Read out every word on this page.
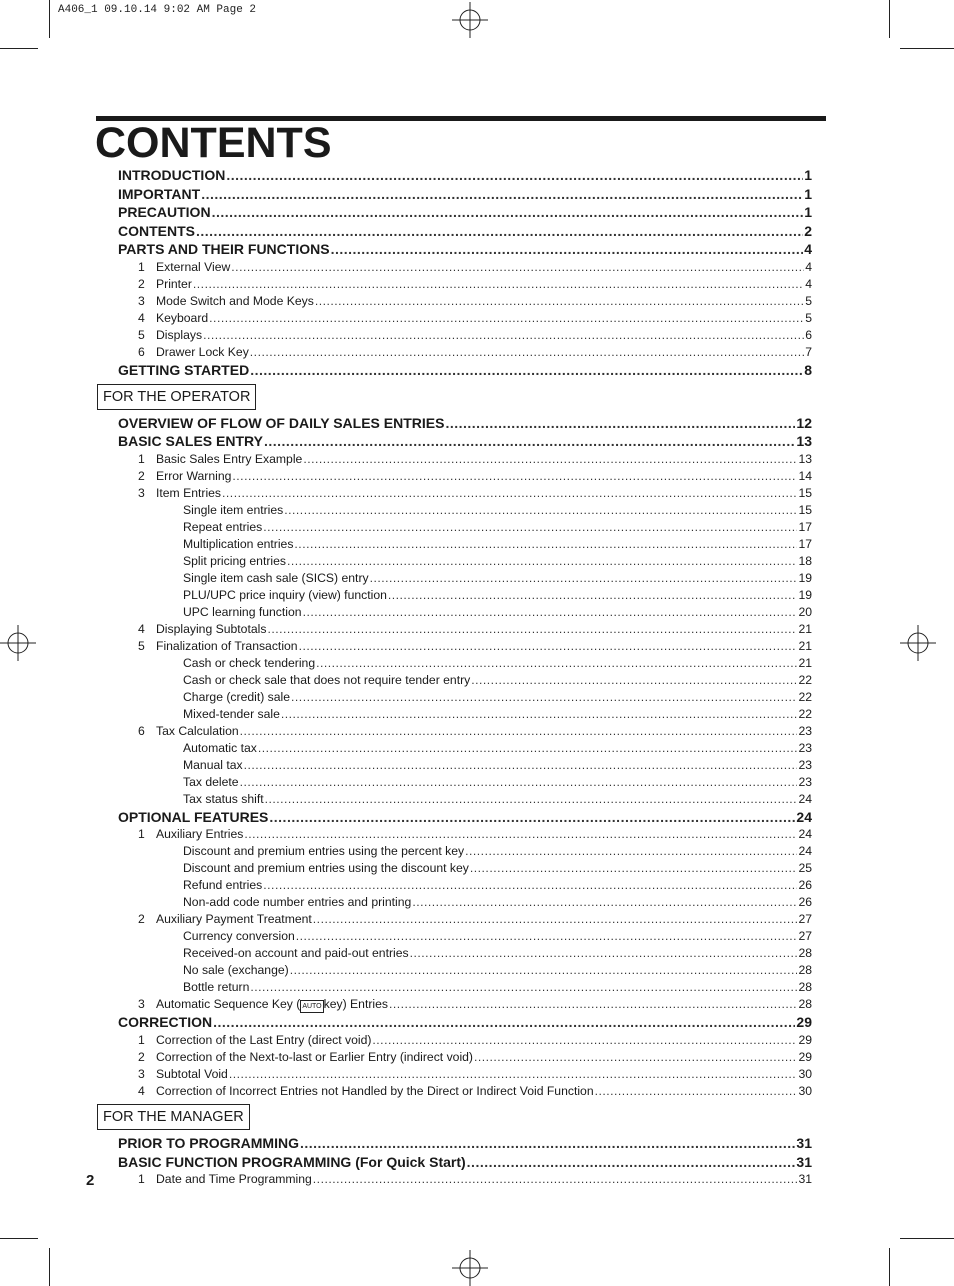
A406_1 09.10.14 9:02 AM Page 2
CONTENTS
INTRODUCTION .....	1
IMPORTANT .....	1
PRECAUTION .....	1
CONTENTS .....	2
PARTS AND THEIR FUNCTIONS .....	4
1 External View .....	4
2 Printer .....	4
3 Mode Switch and Mode Keys .....	5
4 Keyboard .....	5
5 Displays .....	6
6 Drawer Lock Key .....	7
GETTING STARTED .....	8
FOR THE OPERATOR
OVERVIEW OF FLOW OF DAILY SALES ENTRIES .....	12
BASIC SALES ENTRY .....	13
1 Basic Sales Entry Example .....	13
2 Error Warning .....	14
3 Item Entries .....	15
Single item entries .....	15
Repeat entries .....	17
Multiplication entries .....	17
Split pricing entries .....	18
Single item cash sale (SICS) entry .....	19
PLU/UPC price inquiry (view) function .....	19
UPC learning function .....	20
4 Displaying Subtotals .....	21
5 Finalization of Transaction .....	21
Cash or check tendering .....	21
Cash or check sale that does not require tender entry .....	22
Charge (credit) sale .....	22
Mixed-tender sale .....	22
6 Tax Calculation .....	23
Automatic tax .....	23
Manual tax .....	23
Tax delete .....	23
Tax status shift .....	24
OPTIONAL FEATURES .....	24
1 Auxiliary Entries .....	24
Discount and premium entries using the percent key .....	24
Discount and premium entries using the discount key .....	25
Refund entries .....	26
Non-add code number entries and printing .....	26
2 Auxiliary Payment Treatment .....	27
Currency conversion .....	27
Received-on account and paid-out entries .....	28
No sale (exchange) .....	28
Bottle return .....	28
3 Automatic Sequence Key ( AUTO key) Entries .....	28
CORRECTION .....	29
1 Correction of the Last Entry (direct void) .....	29
2 Correction of the Next-to-last or Earlier Entry (indirect void) .....	29
3 Subtotal Void .....	30
4 Correction of Incorrect Entries not Handled by the Direct or Indirect Void Function .....	30
FOR THE MANAGER
PRIOR TO PROGRAMMING .....	31
BASIC FUNCTION PROGRAMMING (For Quick Start) .....	31
1 Date and Time Programming .....	31
2
